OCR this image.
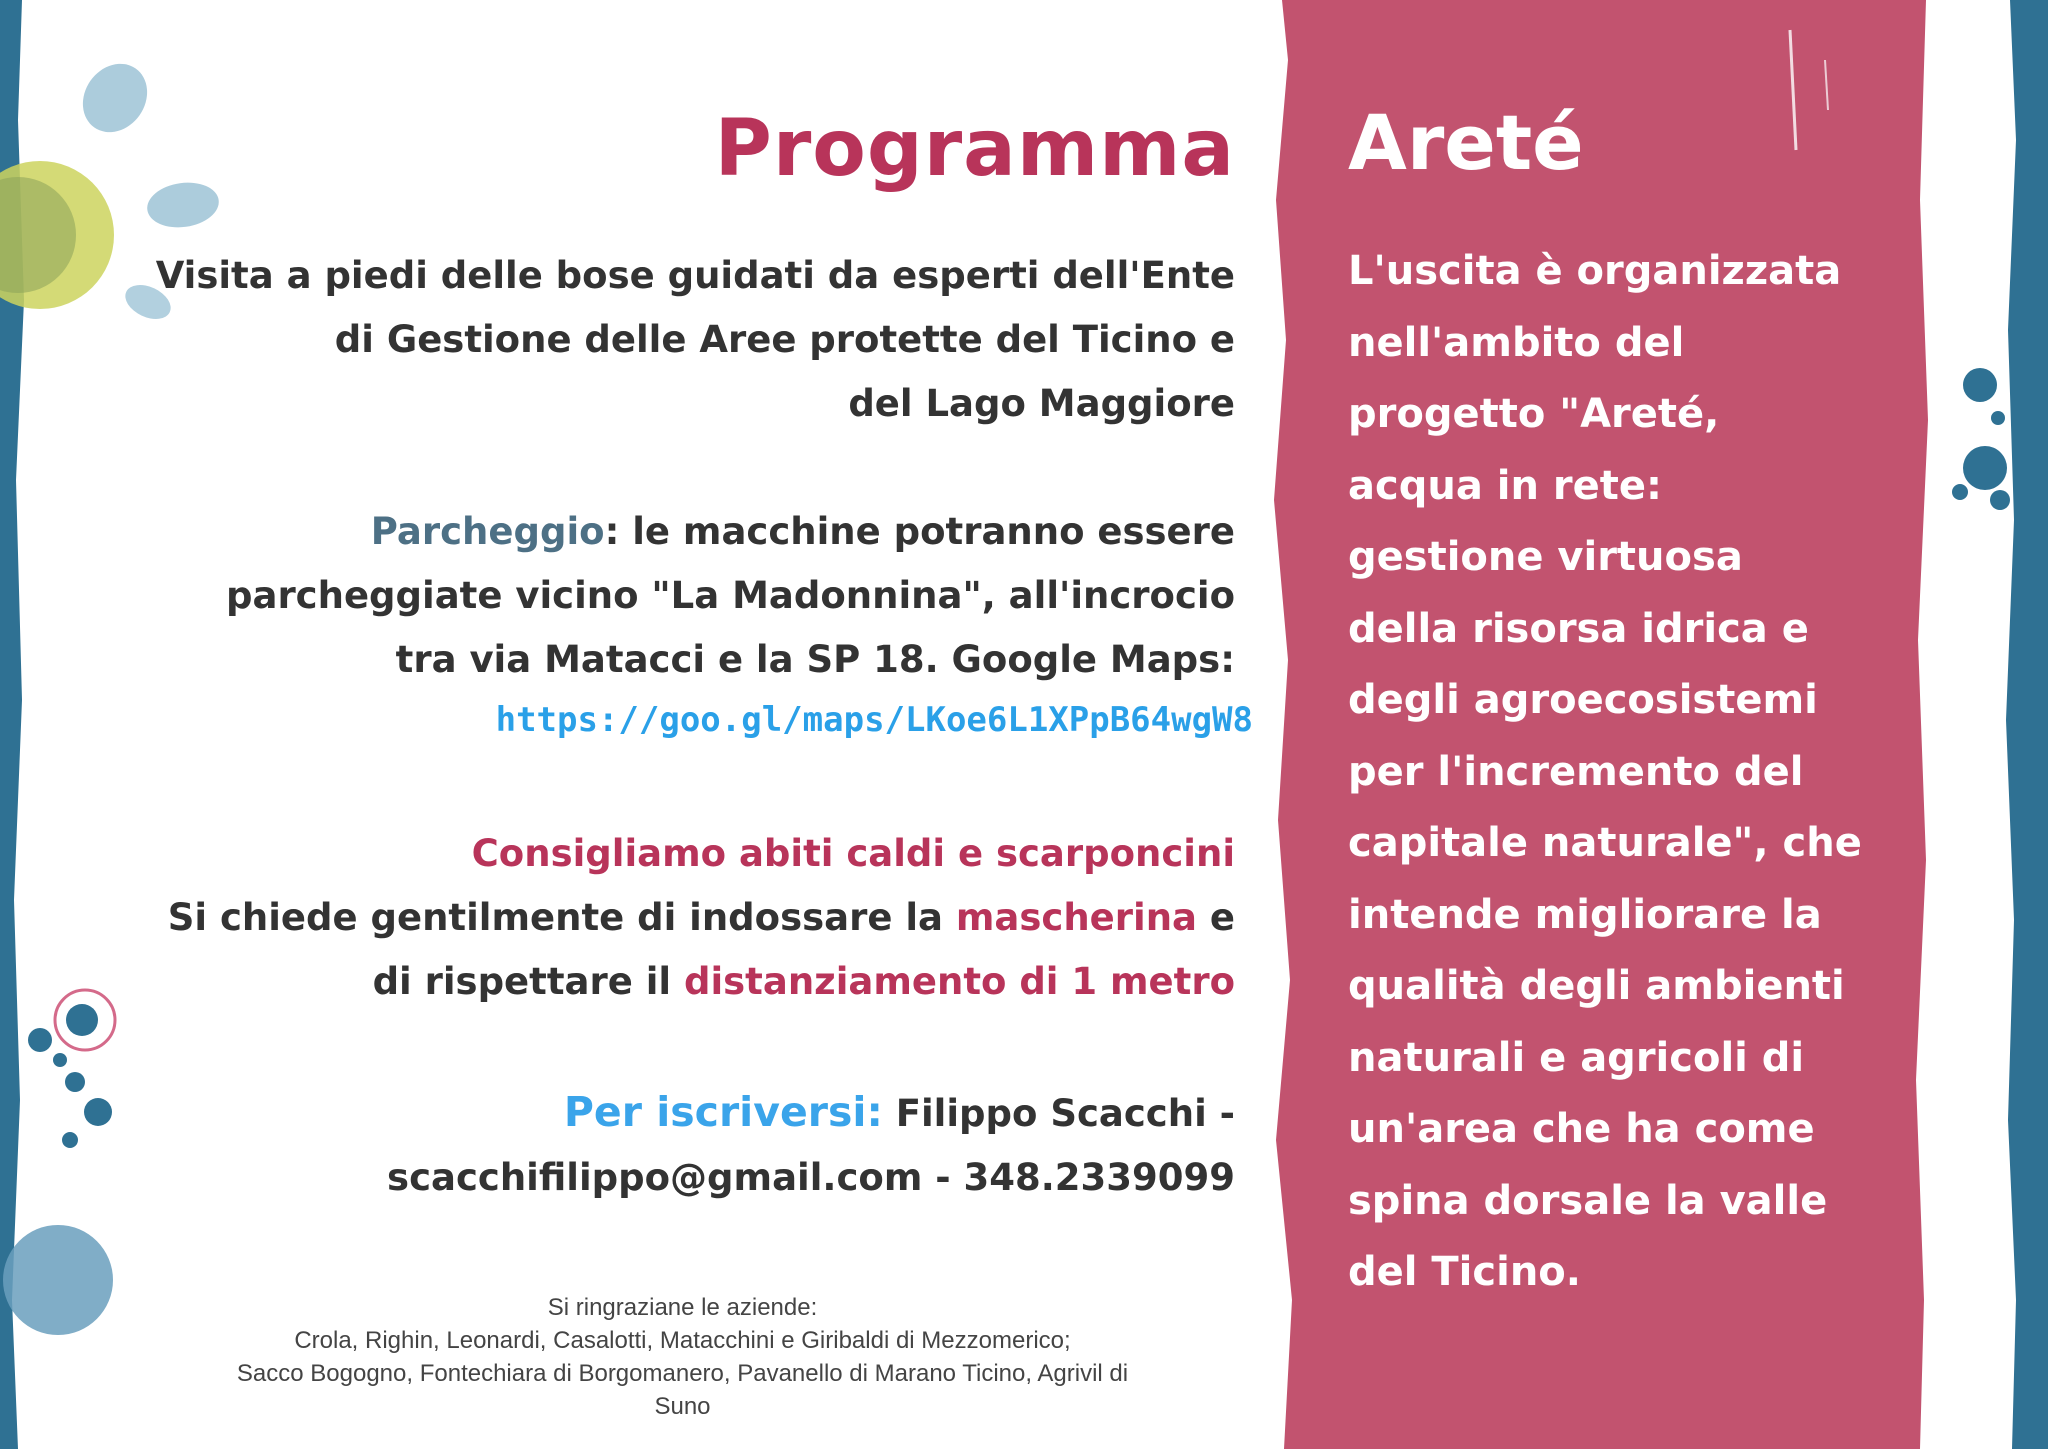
Programma

Visita a piedi delle bose guidati da esperti dell'Ente
di Gestione delle Aree protette del Ticino e
del Lago Maggiore

Parcheggio: le macchine potranno essere
parcheggiate vicino "La Madonnina", all'incrocio
tra via Matacci e la SP 18. Google Maps:

https://goo.gl/maps/LKoe6L1XPpB64wgW8

Consigliamo abiti caldi e scarponcini
Si chiede gentilmente di indossare la mascherina e
di rispettare il distanziamento di 1 metro

Per iscriversi: Filippo Scacchi -
scacchifilippo@gmail.com - 348.2339099

Si ringraziane le aziende:
Crola, Righin, Leonardi, Casalotti, Matacchini e Giribaldi di Mezzomerico;
Sacco Bogogno, Fontechiara di Borgomanero, Pavanello di Marano Ticino, Agrivil di
Suno

Areté

L'uscita è organizzata
nell'ambito del
progetto "Areté,
acqua in rete:
gestione virtuosa
della risorsa idrica e
degli agroecosistemi
per l'incremento del
capitale naturale", che
intende migliorare la
qualità degli ambienti
naturali e agricoli di
un'area che ha come
spina dorsale la valle
del Ticino.
